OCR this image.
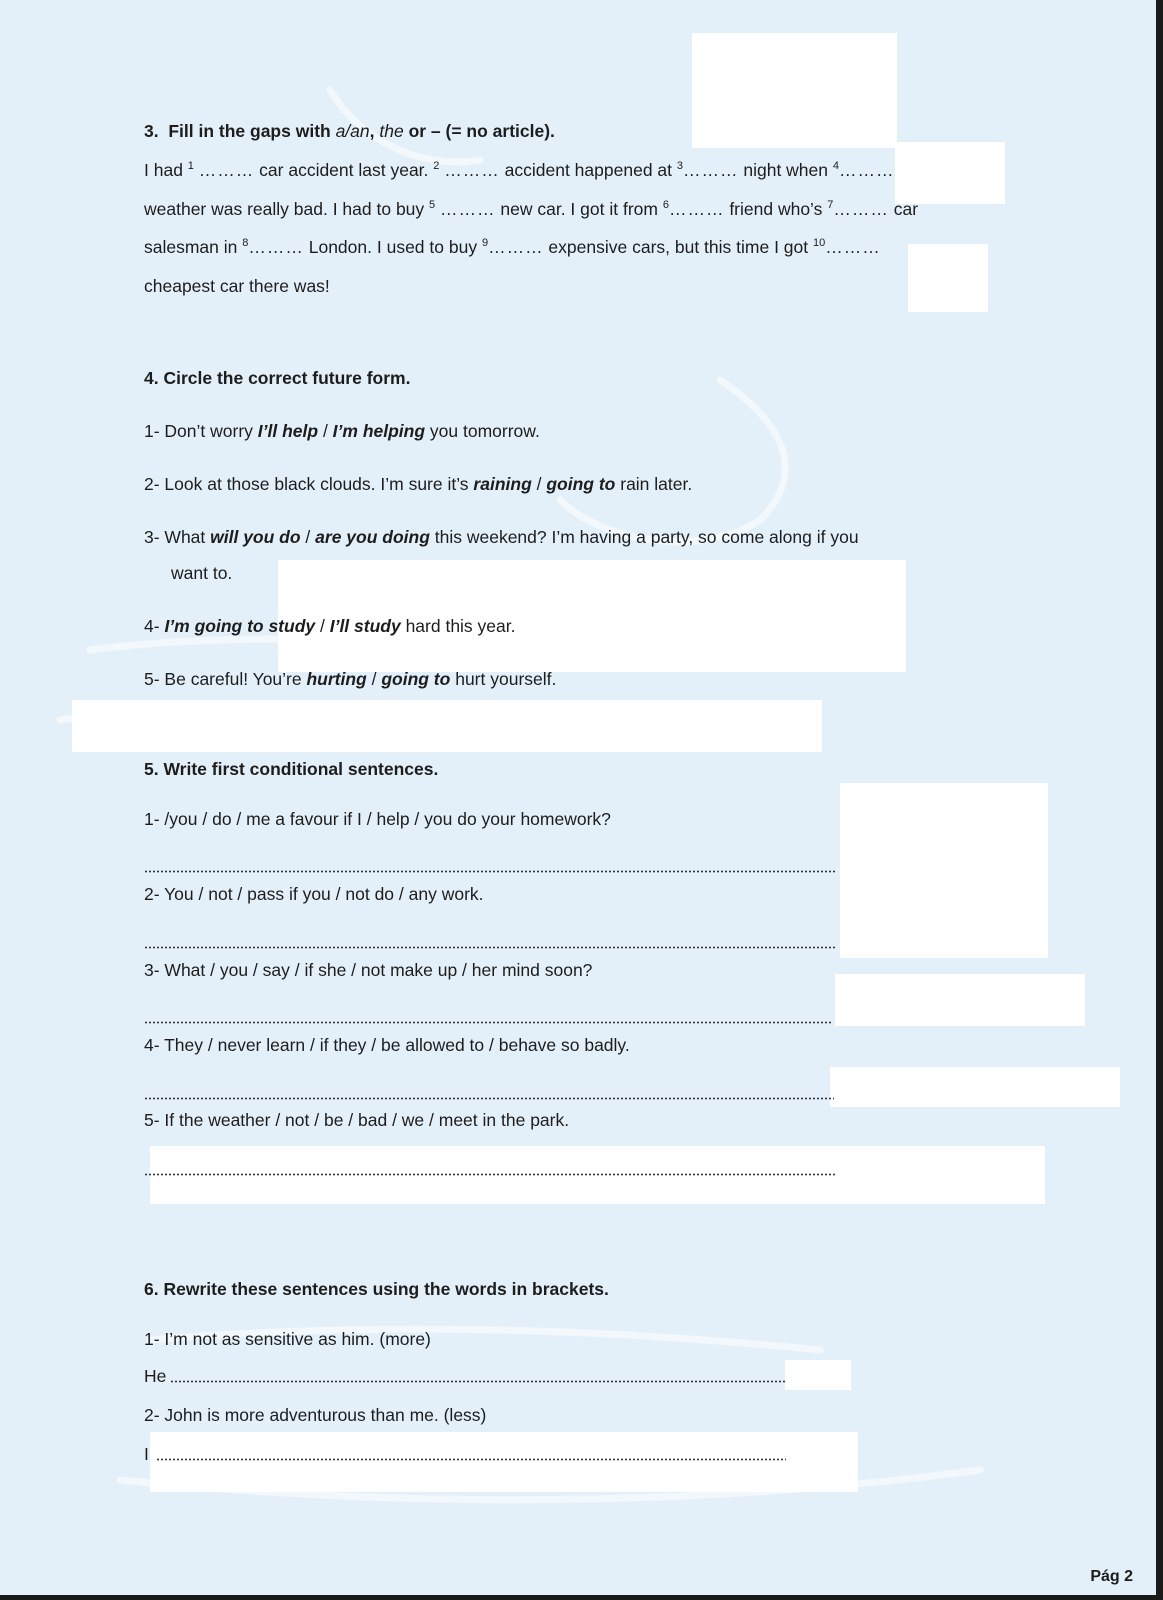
3. Fill in the gaps with a/an, the or – (= no article).
I had $^1$ ……… car accident last year. $^2$ ……… accident happened at $^3$……… night when $^4$………
weather was really bad. I had to buy $^5$ ……… new car. I got it from $^6$……… friend who’s $^7$……… car
salesman in $^8$……… London. I used to buy $^9$……… expensive cars, but this time I got $^{10}$………
cheapest car there was!
4. Circle the correct future form.
1- Don’t worry I’ll help / I’m helping you tomorrow.
2- Look at those black clouds. I’m sure it’s raining / going to rain later.
3- What will you do / are you doing this weekend? I’m having a party, so come along if you
want to.
4- I’m going to study / I’ll study hard this year.
5- Be careful! You’re hurting / going to hurt yourself.
5. Write first conditional sentences.
1- /you / do / me a favour if I / help / you do your homework?
2- You / not / pass if you / not do / any work.
3- What / you / say / if she / not make up / her mind soon?
4- They / never learn / if they / be allowed to / behave so badly.
5- If the weather / not / be / bad / we / meet in the park.
6. Rewrite these sentences using the words in brackets.
1- I’m not as sensitive as him. (more)
He
2- John is more adventurous than me. (less)
I
Pág 2
